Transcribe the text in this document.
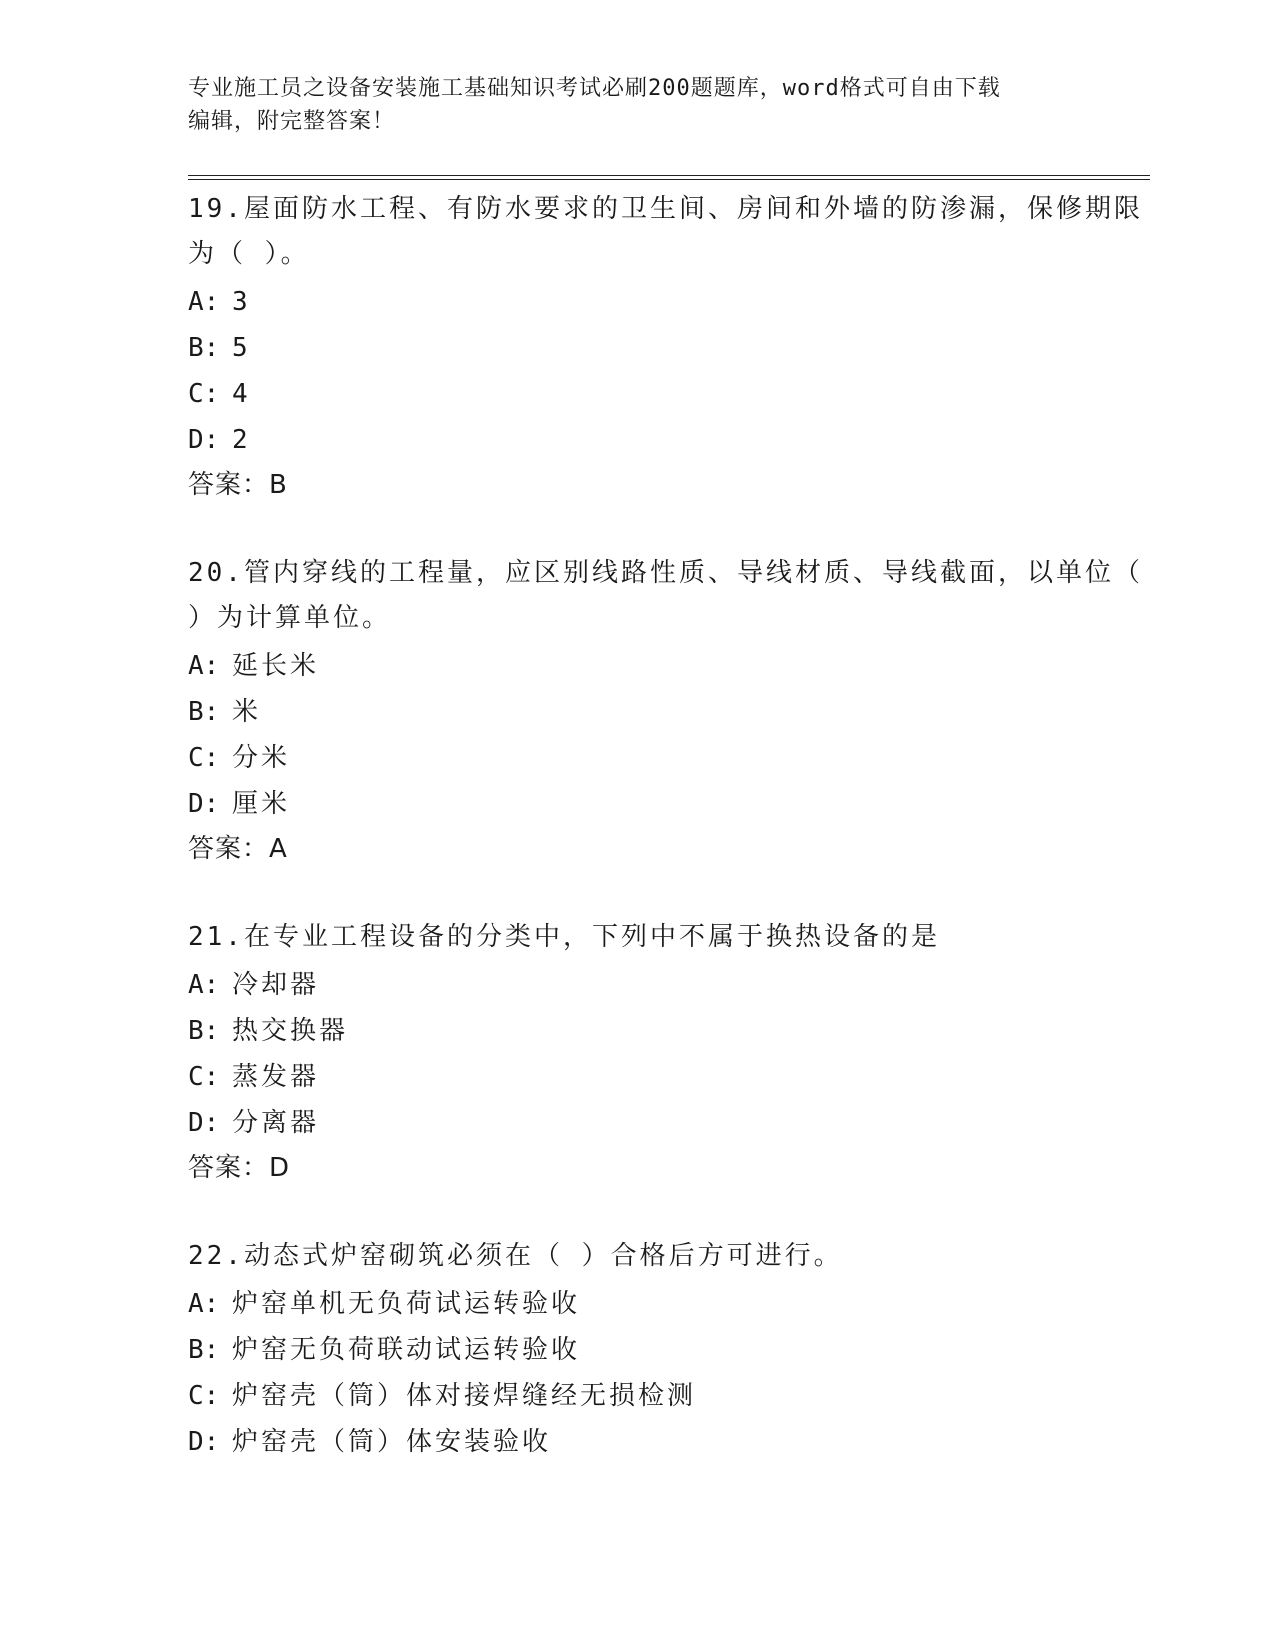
专业施工员之设备安装施工基础知识考试必刷200题题库，word格式可自由下载
编辑，附完整答案！
19.屋面防水工程、有防水要求的卫生间、房间和外墙的防渗漏，保修期限为（ ）。
A: 3
B: 5
C: 4
D: 2
答案：B
20.管内穿线的工程量，应区别线路性质、导线材质、导线截面，以单位（ ）为计算单位。
A: 延长米
B: 米
C: 分米
D: 厘米
答案：A
21.在专业工程设备的分类中，下列中不属于换热设备的是
A: 冷却器
B: 热交换器
C: 蒸发器
D: 分离器
答案：D
22.动态式炉窑砌筑必须在（ ）合格后方可进行。
A: 炉窑单机无负荷试运转验收
B: 炉窑无负荷联动试运转验收
C: 炉窑壳（筒）体对接焊缝经无损检测
D: 炉窑壳（筒）体安装验收
